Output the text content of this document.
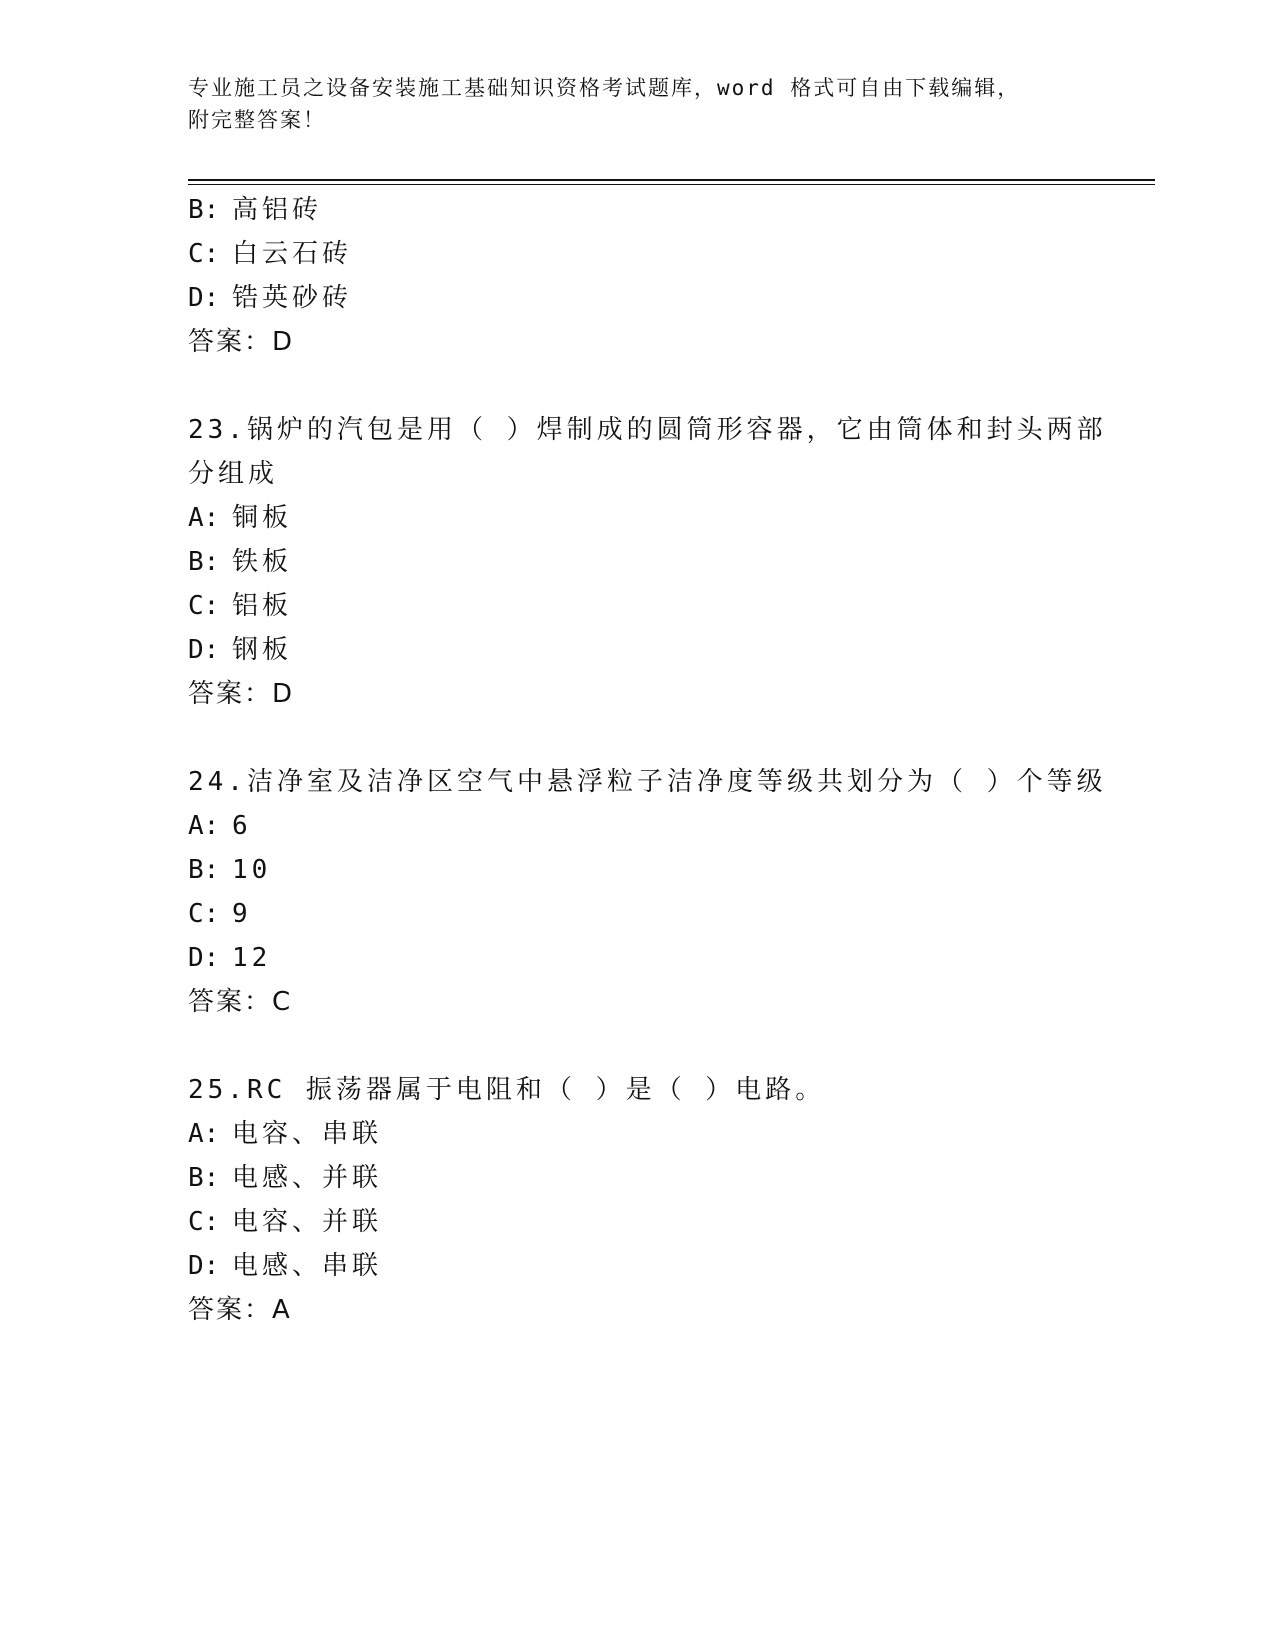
专业施工员之设备安装施工基础知识资格考试题库，word 格式可自由下载编辑，
附完整答案！
B: 高铝砖
C: 白云石砖
D: 锆英砂砖
答案：D
23.锅炉的汽包是用（ ）焊制成的圆筒形容器，它由筒体和封头两部
分组成
A: 铜板
B: 铁板
C: 铝板
D: 钢板
答案：D
24.洁净室及洁净区空气中悬浮粒子洁净度等级共划分为（ ）个等级
A: 6
B: 10
C: 9
D: 12
答案：C
25.RC 振荡器属于电阻和（ ）是（ ）电路。
A: 电容、串联
B: 电感、并联
C: 电容、并联
D: 电感、串联
答案：A
